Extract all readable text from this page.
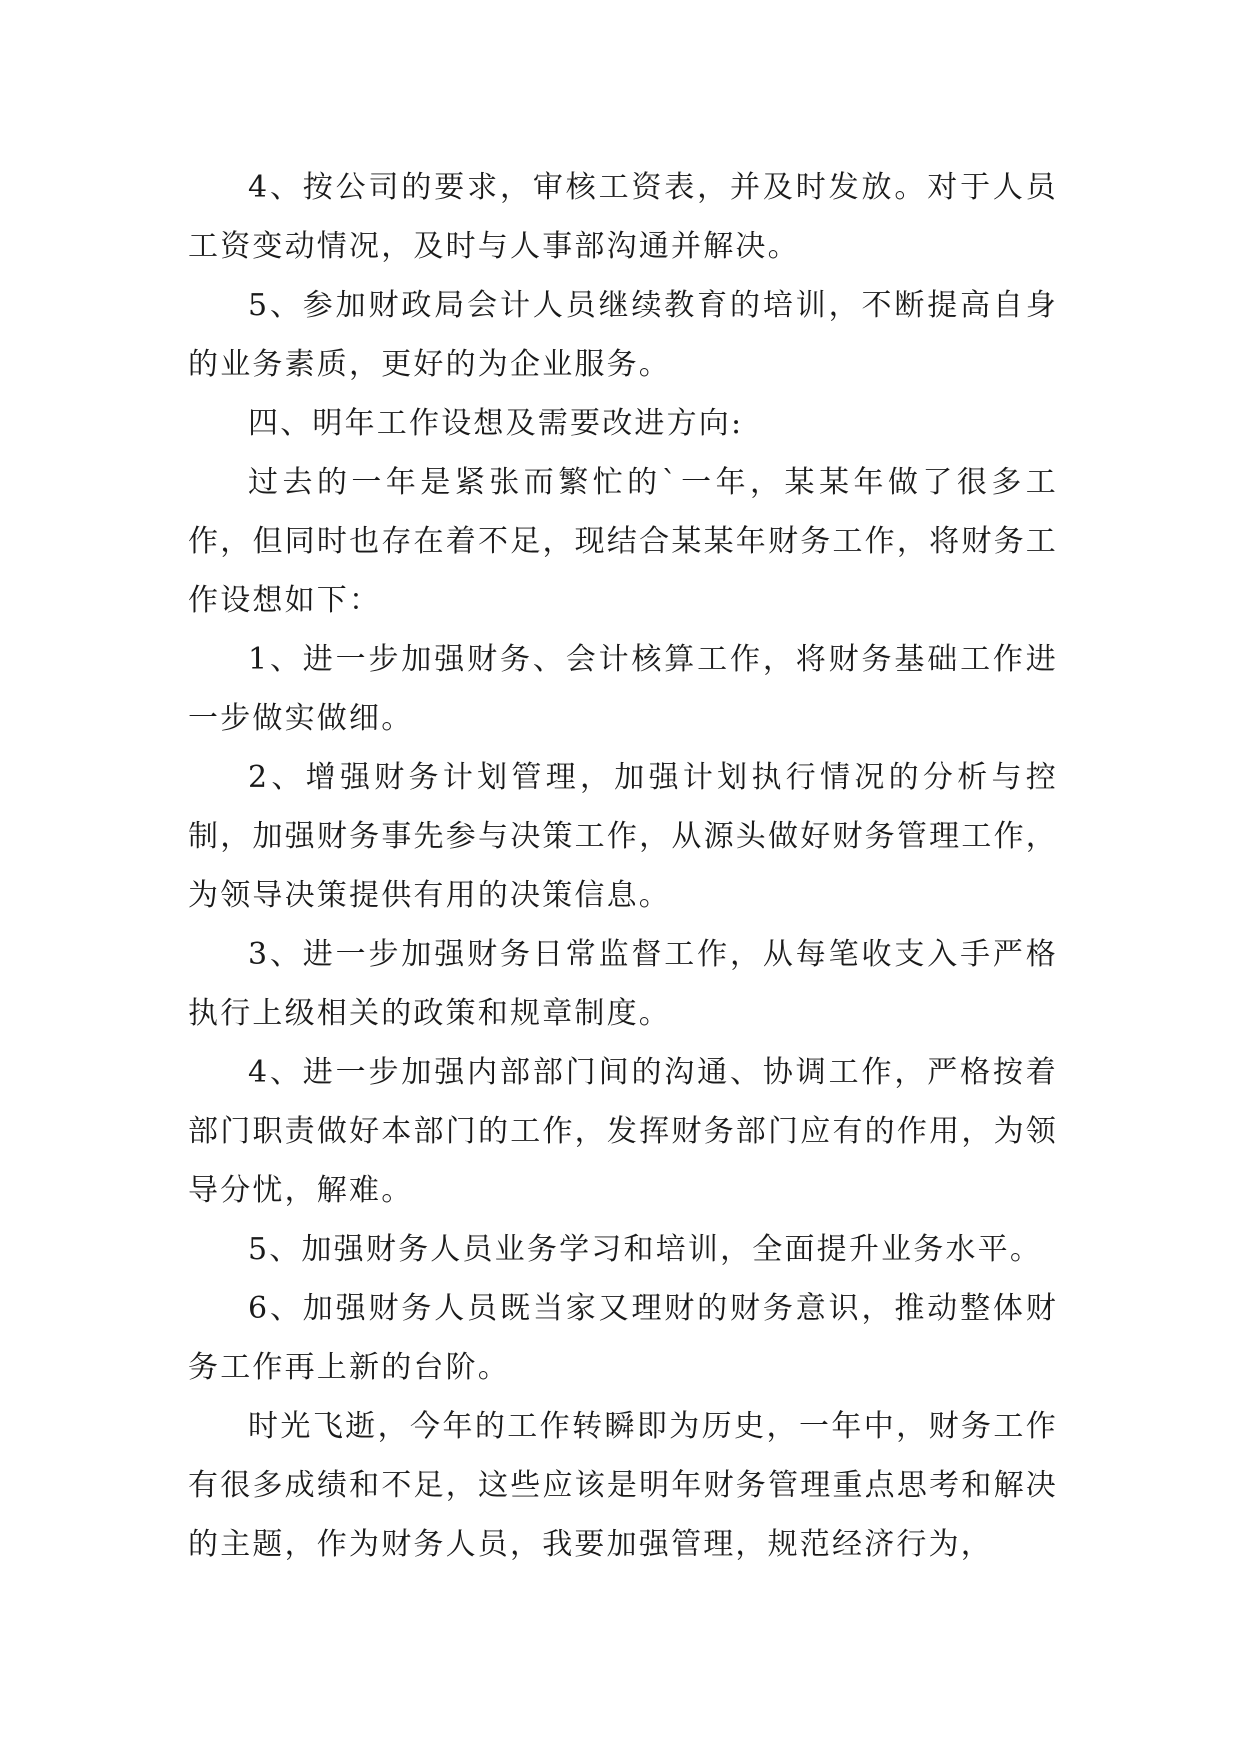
4、按公司的要求，审核工资表，并及时发放。对于人员工资变动情况，及时与人事部沟通并解决。

5、参加财政局会计人员继续教育的培训，不断提高自身的业务素质，更好的为企业服务。

四、明年工作设想及需要改进方向:

过去的一年是紧张而繁忙的`一年，某某年做了很多工作，但同时也存在着不足，现结合某某年财务工作，将财务工作设想如下：

1、进一步加强财务、会计核算工作，将财务基础工作进一步做实做细。

2、增强财务计划管理，加强计划执行情况的分析与控制，加强财务事先参与决策工作，从源头做好财务管理工作，为领导决策提供有用的决策信息。

3、进一步加强财务日常监督工作，从每笔收支入手严格执行上级相关的政策和规章制度。

4、进一步加强内部部门间的沟通、协调工作，严格按着部门职责做好本部门的工作，发挥财务部门应有的作用，为领导分忧，解难。

5、加强财务人员业务学习和培训，全面提升业务水平。

6、加强财务人员既当家又理财的财务意识，推动整体财务工作再上新的台阶。

时光飞逝，今年的工作转瞬即为历史，一年中，财务工作有很多成绩和不足，这些应该是明年财务管理重点思考和解决的主题，作为财务人员，我要加强管理，规范经济行为，
